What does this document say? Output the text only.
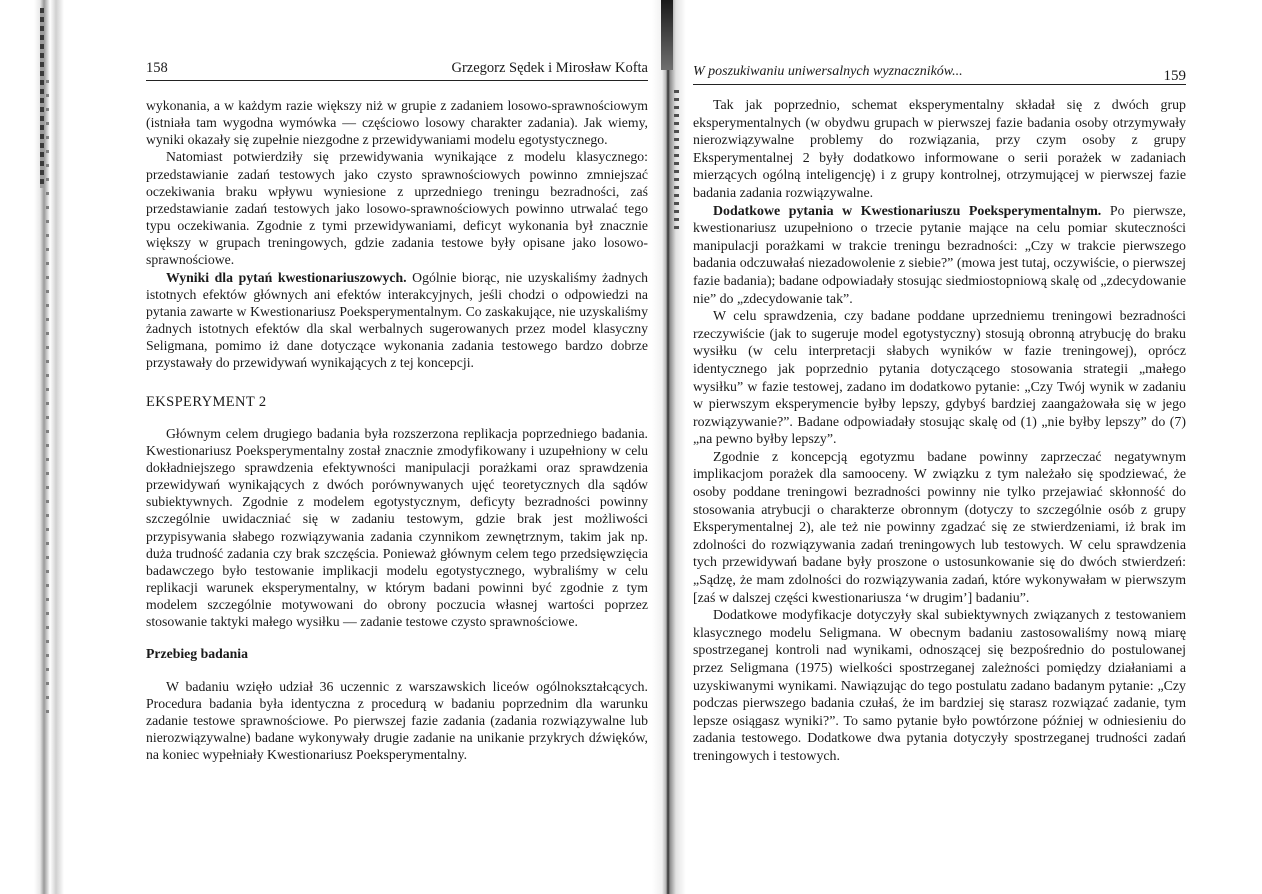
158	Grzegorz Sędek i Mirosław Kofta

wykonania, a w każdym razie większy niż w grupie z zadaniem losowo-sprawnościowym (istniała tam wygodna wymówka — częściowo losowy charakter zadania). Jak wiemy, wyniki okazały się zupełnie niezgodne z przewidywaniami modelu egotystycznego.

Natomiast potwierdziły się przewidywania wynikające z modelu klasycznego: przedstawianie zadań testowych jako czysto sprawnościowych powinno zmniejszać oczekiwania braku wpływu wyniesione z uprzedniego treningu bezradności, zaś przedstawianie zadań testowych jako losowo-sprawnościowych powinno utrwalać tego typu oczekiwania. Zgodnie z tymi przewidywaniami, deficyt wykonania był znacznie większy w grupach treningowych, gdzie zadania testowe były opisane jako losowo-sprawnościowe.

Wyniki dla pytań kwestionariuszowych. Ogólnie biorąc, nie uzyskaliśmy żadnych istotnych efektów głównych ani efektów interakcyjnych, jeśli chodzi o odpowiedzi na pytania zawarte w Kwestionariusz Poeksperymentalnym. Co zaskakujące, nie uzyskaliśmy żadnych istotnych efektów dla skal werbalnych sugerowanych przez model klasyczny Seligmana, pomimo iż dane dotyczące wykonania zadania testowego bardzo dobrze przystawały do przewidywań wynikających z tej koncepcji.

EKSPERYMENT 2

Głównym celem drugiego badania była rozszerzona replikacja poprzedniego badania. Kwestionariusz Poeksperymentalny został znacznie zmodyfikowany i uzupełniony w celu dokładniejszego sprawdzenia efektywności manipulacji porażkami oraz sprawdzenia przewidywań wynikających z dwóch porównywanych ujęć teoretycznych dla sądów subiektywnych. Zgodnie z modelem egotystycznym, deficyty bezradności powinny szczególnie uwidaczniać się w zadaniu testowym, gdzie brak jest możliwości przypisywania słabego rozwiązywania zadania czynnikom zewnętrznym, takim jak np. duża trudność zadania czy brak szczęścia. Ponieważ głównym celem tego przedsięwzięcia badawczego było testowanie implikacji modelu egotystycznego, wybraliśmy w celu replikacji warunek eksperymentalny, w którym badani powinni być zgodnie z tym modelem szczególnie motywowani do obrony poczucia własnej wartości poprzez stosowanie taktyki małego wysiłku — zadanie testowe czysto sprawnościowe.

Przebieg badania

W badaniu wzięło udział 36 uczennic z warszawskich liceów ogólnokształcących. Procedura badania była identyczna z procedurą w badaniu poprzednim dla warunku zadanie testowe sprawnościowe. Po pierwszej fazie zadania (zadania rozwiązywalne lub nierozwiązywalne) badane wykonywały drugie zadanie na unikanie przykrych dźwięków, na koniec wypełniały Kwestionariusz Poeksperymentalny.

W poszukiwaniu uniwersalnych wyznaczników...	159

Tak jak poprzednio, schemat eksperymentalny składał się z dwóch grup eksperymentalnych (w obydwu grupach w pierwszej fazie badania osoby otrzymywały nierozwiązywalne problemy do rozwiązania, przy czym osoby z grupy Eksperymentalnej 2 były dodatkowo informowane o serii porażek w zadaniach mierzących ogólną inteligencję) i z grupy kontrolnej, otrzymującej w pierwszej fazie badania zadania rozwiązywalne.

Dodatkowe pytania w Kwestionariuszu Poeksperymentalnym. Po pierwsze, kwestionariusz uzupełniono o trzecie pytanie mające na celu pomiar skuteczności manipulacji porażkami w trakcie treningu bezradności: „Czy w trakcie pierwszego badania odczuwałaś niezadowolenie z siebie?” (mowa jest tutaj, oczywiście, o pierwszej fazie badania); badane odpowiadały stosując siedmiostopniową skalę od „zdecydowanie nie” do „zdecydowanie tak”.

W celu sprawdzenia, czy badane poddane uprzedniemu treningowi bezradności rzeczywiście (jak to sugeruje model egotystyczny) stosują obronną atrybucję do braku wysiłku (w celu interpretacji słabych wyników w fazie treningowej), oprócz identycznego jak poprzednio pytania dotyczącego stosowania strategii „małego wysiłku” w fazie testowej, zadano im dodatkowo pytanie: „Czy Twój wynik w zadaniu w pierwszym eksperymencie byłby lepszy, gdybyś bardziej zaangażowała się w jego rozwiązywanie?”. Badane odpowiadały stosując skalę od (1) „nie byłby lepszy” do (7) „na pewno byłby lepszy”.

Zgodnie z koncepcją egotyzmu badane powinny zaprzeczać negatywnym implikacjom porażek dla samooceny. W związku z tym należało się spodziewać, że osoby poddane treningowi bezradności powinny nie tylko przejawiać skłonność do stosowania atrybucji o charakterze obronnym (dotyczy to szczególnie osób z grupy Eksperymentalnej 2), ale też nie powinny zgadzać się ze stwierdzeniami, iż brak im zdolności do rozwiązywania zadań treningowych lub testowych. W celu sprawdzenia tych przewidywań badane były proszone o ustosunkowanie się do dwóch stwierdzeń: „Sądzę, że mam zdolności do rozwiązywania zadań, które wykonywałam w pierwszym [zaś w dalszej części kwestionariusza ‘w drugim’] badaniu”.

Dodatkowe modyfikacje dotyczyły skal subiektywnych związanych z testowaniem klasycznego modelu Seligmana. W obecnym badaniu zastosowaliśmy nową miarę spostrzeganej kontroli nad wynikami, odnoszącej się bezpośrednio do postulowanej przez Seligmana (1975) wielkości spostrzeganej zależności pomiędzy działaniami a uzyskiwanymi wynikami. Nawiązując do tego postulatu zadano badanym pytanie: „Czy podczas pierwszego badania czułaś, że im bardziej się starasz rozwiązać zadanie, tym lepsze osiągasz wyniki?”. To samo pytanie było powtórzone później w odniesieniu do zadania testowego. Dodatkowe dwa pytania dotyczyły spostrzeganej trudności zadań treningowych i testowych.
